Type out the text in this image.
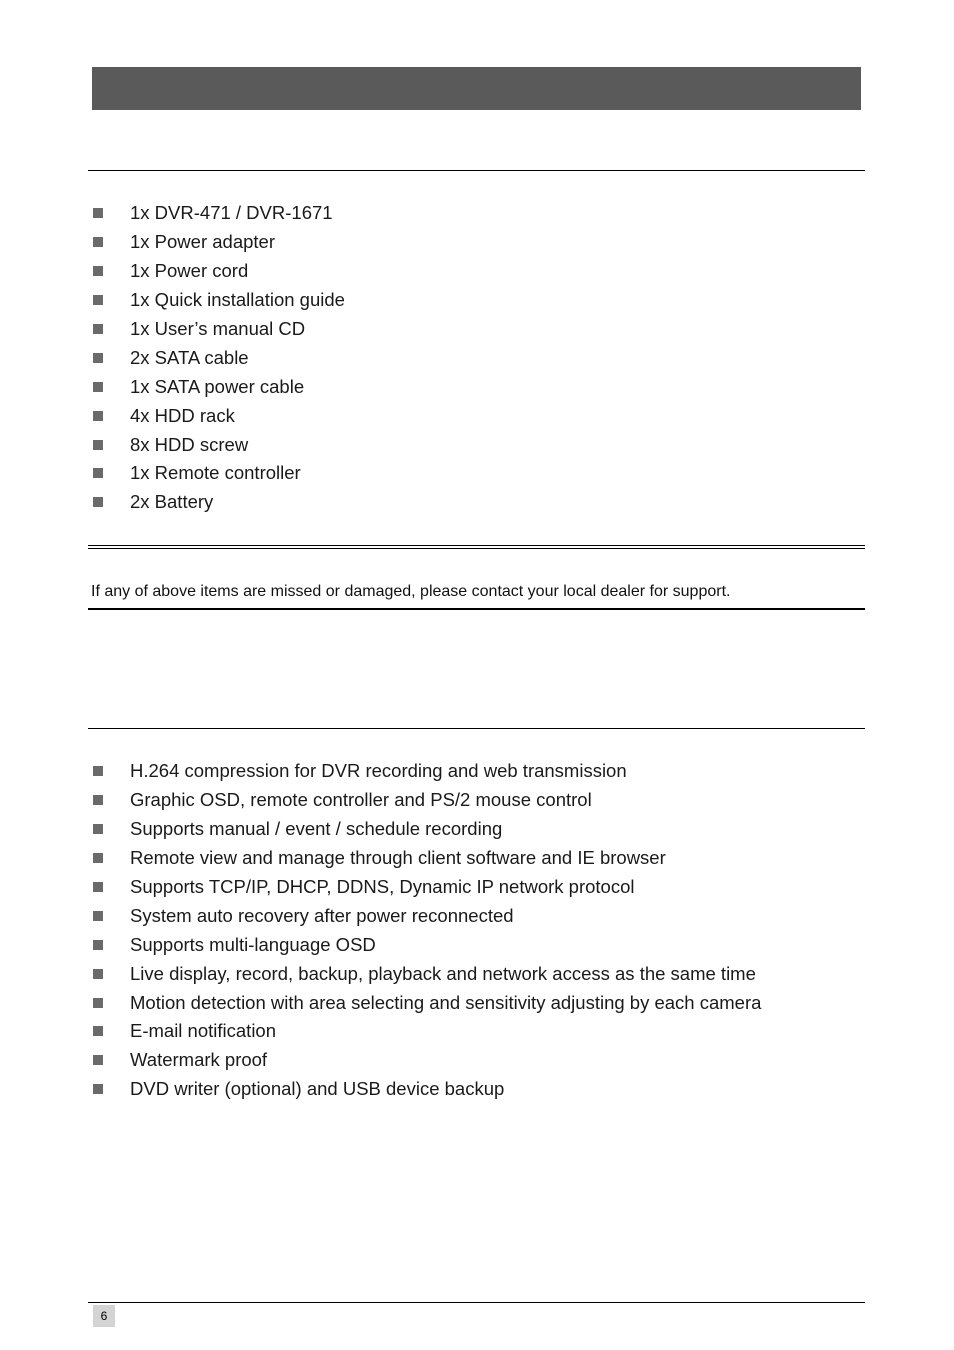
1x DVR-471 / DVR-1671
1x Power adapter
1x Power cord
1x Quick installation guide
1x User’s manual CD
2x SATA cable
1x SATA power cable
4x HDD rack
8x HDD screw
1x Remote controller
2x Battery
If any of above items are missed or damaged, please contact your local dealer for support.
H.264 compression for DVR recording and web transmission
Graphic OSD, remote controller and PS/2 mouse control
Supports manual / event / schedule recording
Remote view and manage through client software and IE browser
Supports TCP/IP, DHCP, DDNS, Dynamic IP network protocol
System auto recovery after power reconnected
Supports multi-language OSD
Live display, record, backup, playback and network access as the same time
Motion detection with area selecting and sensitivity adjusting by each camera
E-mail notification
Watermark proof
DVD writer (optional) and USB device backup
6
